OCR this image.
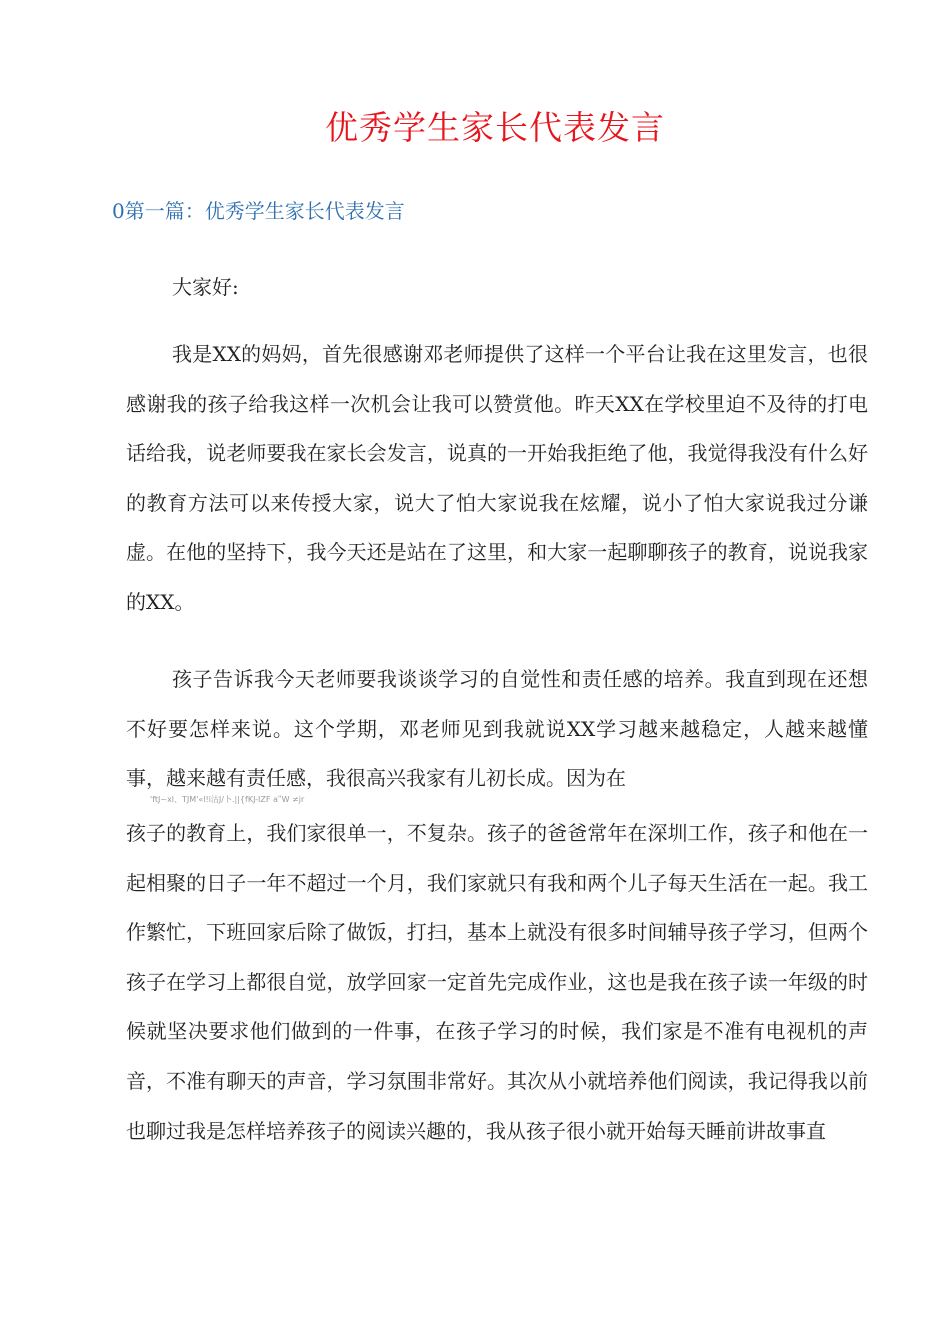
优秀学生家长代表发言
0第一篇：优秀学生家长代表发言
大家好:

我是XX的妈妈，首先很感谢邓老师提供了这样一个平台让我在这里发言，也很感谢我的孩子给我这样一次机会让我可以赞赏他。昨天XX在学校里迫不及待的打电话给我，说老师要我在家长会发言，说真的一开始我拒绝了他，我觉得我没有什么好的教育方法可以来传授大家，说大了怕大家说我在炫耀，说小了怕大家说我过分谦虚。在他的坚持下，我今天还是站在了这里，和大家一起聊聊孩子的教育，说说我家的XX。

孩子告诉我今天老师要我谈谈学习的自觉性和责任感的培养。我直到现在还想不好要怎样来说。这个学期，邓老师见到我就说XX学习越来越稳定，人越来越懂事，越来越有责任感，我很高兴我家有儿初长成。因为在

'ftJ~xl、TJM'«l!i沽J/卜.||{fKJ-IZF aʺW ≠jr

孩子的教育上，我们家很单一，不复杂。孩子的爸爸常年在深圳工作，孩子和他在一起相聚的日子一年不超过一个月，我们家就只有我和两个儿子每天生活在一起。我工作繁忙，下班回家后除了做饭，打扫，基本上就没有很多时间辅导孩子学习，但两个孩子在学习上都很自觉，放学回家一定首先完成作业，这也是我在孩子读一年级的时候就坚决要求他们做到的一件事，在孩子学习的时候，我们家是不准有电视机的声音，不准有聊天的声音，学习氛围非常好。其次从小就培养他们阅读，我记得我以前也聊过我是怎样培养孩子的阅读兴趣的，我从孩子很小就开始每天睡前讲故事直
